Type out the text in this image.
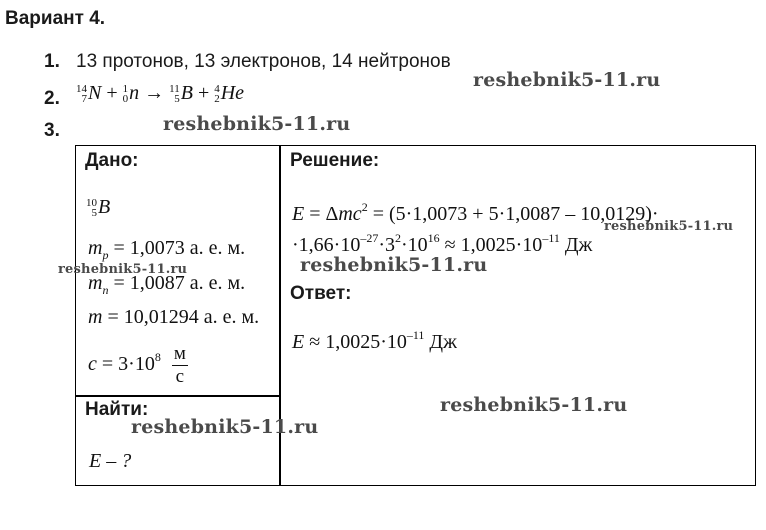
Вариант 4.
1. 13 протонов, 13 электронов, 14 нейтронов
2. 14
7 N + 1
0 n → 11
5 B + 4
2 He
3.
Дано:
10
5 B
$m_p = 1,0073$ а. е. м.
$m_n = 1,0087$ а. е. м.
m = 10,01294 а. е. м.
$c = 3\cdot 10^8 \frac{м}{с}$
Найти:
E – ?
Решение:
E = Δmc$^2$ = (5·1,0073 + 5·1,0087 – 10,0129)·
$\cdot 1,66\cdot 10^{-27}\cdot 3^2\cdot 10^{16} \approx 1,0025\cdot 10^{-11}$ Дж
Ответ:
$E \approx 1,0025\cdot 10^{-11}$ Дж
reshebnik5-11.ru
reshebnik5-11.ru
reshebnik5-11.ru
reshebnik5-11.ru
reshebnik5-11.ru
reshebnik5-11.ru
reshebnik5-11.ru
